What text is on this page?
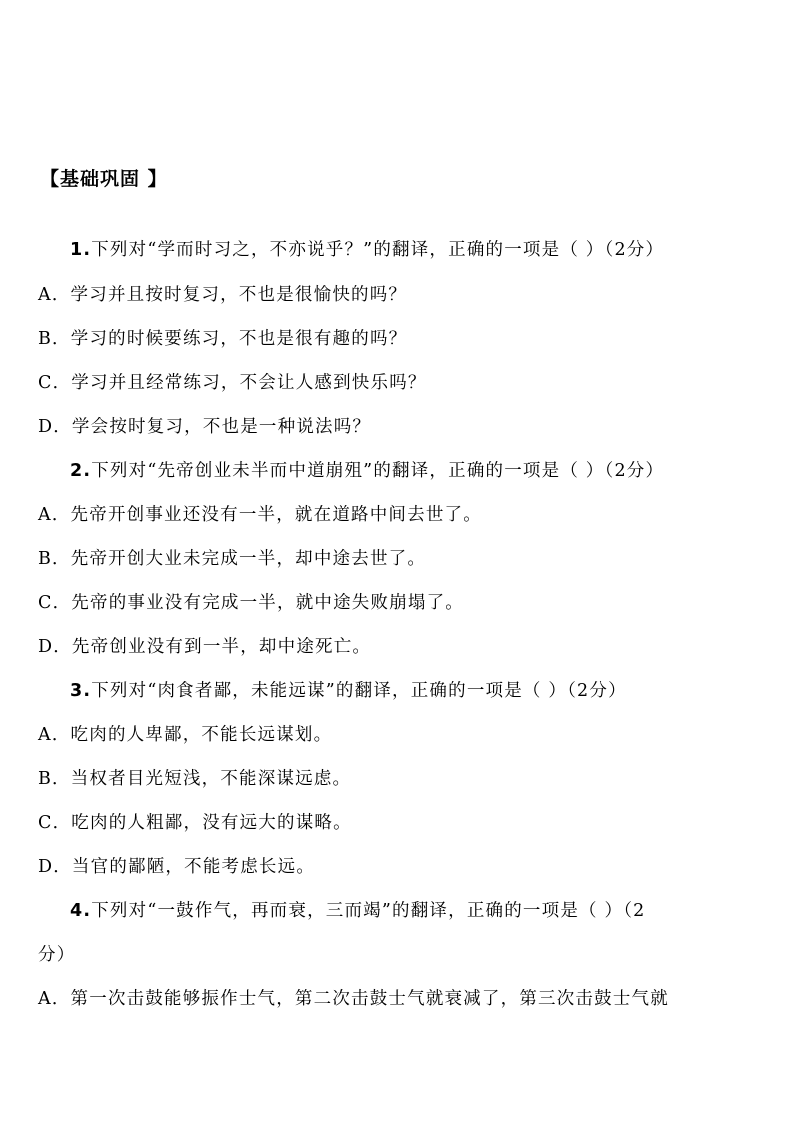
【基础巩固 】
1.下列对“学而时习之，不亦说乎？”的翻译，正确的一项是（ ）（2分）
A．学习并且按时复习，不也是很愉快的吗？
B．学习的时候要练习，不也是很有趣的吗？
C．学习并且经常练习，不会让人感到快乐吗？
D．学会按时复习，不也是一种说法吗？
2.下列对“先帝创业未半而中道崩殂”的翻译，正确的一项是（ ）（2分）
A．先帝开创事业还没有一半，就在道路中间去世了。
B．先帝开创大业未完成一半，却中途去世了。
C．先帝的事业没有完成一半，就中途失败崩塌了。
D．先帝创业没有到一半，却中途死亡。
3.下列对“肉食者鄙，未能远谋”的翻译，正确的一项是（ ）（2分）
A．吃肉的人卑鄙，不能长远谋划。
B．当权者目光短浅，不能深谋远虑。
C．吃肉的人粗鄙，没有远大的谋略。
D．当官的鄙陋，不能考虑长远。
4.下列对“一鼓作气，再而衰，三而竭”的翻译，正确的一项是（ ）（2
分）
A．第一次击鼓能够振作士气，第二次击鼓士气就衰减了，第三次击鼓士气就
